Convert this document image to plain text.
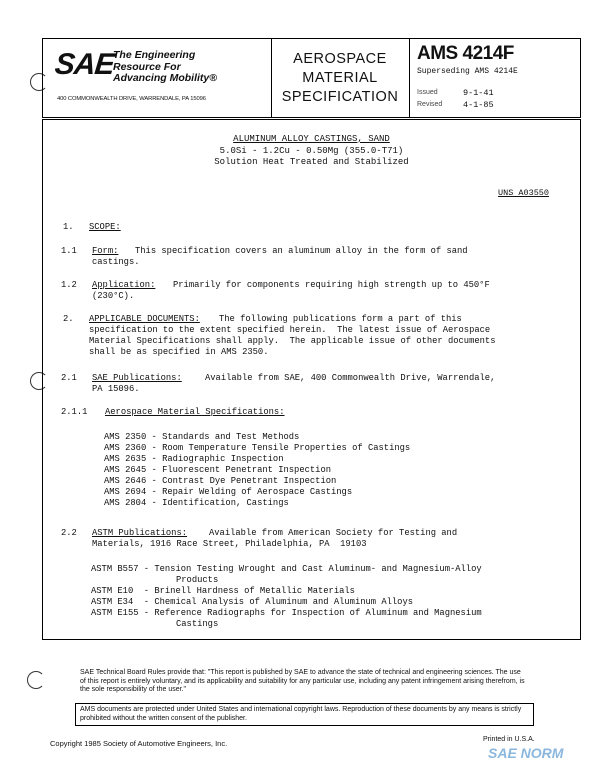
SAE
The Engineering
Resource For
Advancing Mobility®
400 COMMONWEALTH DRIVE, WARRENDALE, PA 15096
AEROSPACE
MATERIAL
SPECIFICATION
AMS 4214F
Superseding AMS 4214E
Issued	9-1-41
Revised 4-1-85
ALUMINUM ALLOY CASTINGS, SAND
5.0Si - 1.2Cu - 0.50Mg (355.0-T71)
Solution Heat Treated and Stabilized
UNS A03550
1. SCOPE:
1.1 Form: This specification covers an aluminum alloy in the form of sand
castings.
1.2 Application: Primarily for components requiring high strength up to 450°F
(230°C).
2. APPLICABLE DOCUMENTS: The following publications form a part of this
specification to the extent specified herein.  The latest issue of Aerospace
Material Specifications shall apply.  The applicable issue of other documents
shall be as specified in AMS 2350.
2.1 SAE Publications:	Available from SAE, 400 Commonwealth Drive, Warrendale,
PA 15096.
2.1.1 Aerospace Material Specifications:
AMS 2350 - Standards and Test Methods
AMS 2360 - Room Temperature Tensile Properties of Castings
AMS 2635 - Radiographic Inspection
AMS 2645 - Fluorescent Penetrant Inspection
AMS 2646 - Contrast Dye Penetrant Inspection
AMS 2694 - Repair Welding of Aerospace Castings
AMS 2804 - Identification, Castings
2.2 ASTM Publications: Available from American Society for Testing and
Materials, 1916 Race Street, Philadelphia, PA  19103
ASTM B557 - Tension Testing Wrought and Cast Aluminum- and Magnesium-Alloy
Products
ASTM E10  - Brinell Hardness of Metallic Materials
ASTM E34  - Chemical Analysis of Aluminum and Aluminum Alloys
ASTM E155 - Reference Radiographs for Inspection of Aluminum and Magnesium
Castings
SAE Technical Board Rules provide that: "This report is published by SAE to advance the state of technical and engineering sciences. The use of this report is entirely voluntary, and its applicability and suitability for any particular use, including any patent infringement arising therefrom, is the sole responsibility of the user."
AMS documents are protected under United States and international copyright laws. Reproduction of these documents by any means is strictly prohibited without the written consent of the publisher.
Copyright 1985 Society of Automotive Engineers, Inc.	Printed in U.S.A.
SAE NORM
